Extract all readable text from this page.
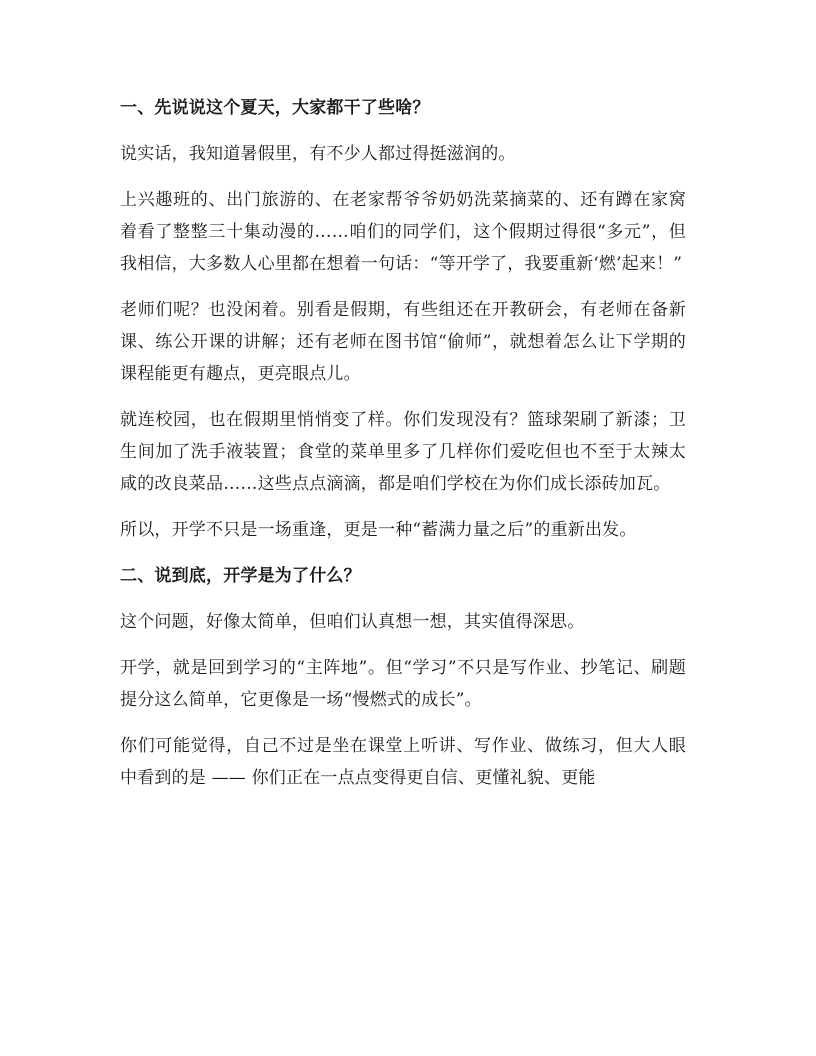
一、先说说这个夏天，大家都干了些啥？

说实话，我知道暑假里，有不少人都过得挺滋润的。

上兴趣班的、出门旅游的、在老家帮爷爷奶奶洗菜摘菜的、还有蹲在家窝着看了整整三十集动漫的……咱们的同学们，这个假期过得很“多元”，但我相信，大多数人心里都在想着一句话：“等开学了，我要重新‘燃’起来！”

老师们呢？也没闲着。别看是假期，有些组还在开教研会，有老师在备新课、练公开课的讲解；还有老师在图书馆“偷师”，就想着怎么让下学期的课程能更有趣点，更亮眼点儿。

就连校园，也在假期里悄悄变了样。你们发现没有？篮球架刷了新漆；卫生间加了洗手液装置；食堂的菜单里多了几样你们爱吃但也不至于太辣太咸的改良菜品……这些点点滴滴，都是咱们学校在为你们成长添砖加瓦。

所以，开学不只是一场重逢，更是一种“蓄满力量之后”的重新出发。

二、说到底，开学是为了什么？

这个问题，好像太简单，但咱们认真想一想，其实值得深思。

开学，就是回到学习的“主阵地”。但“学习”不只是写作业、抄笔记、刷题提分这么简单，它更像是一场“慢燃式的成长”。

你们可能觉得，自己不过是坐在课堂上听讲、写作业、做练习，但大人眼中看到的是 —— 你们正在一点点变得更自信、更懂礼貌、更能
